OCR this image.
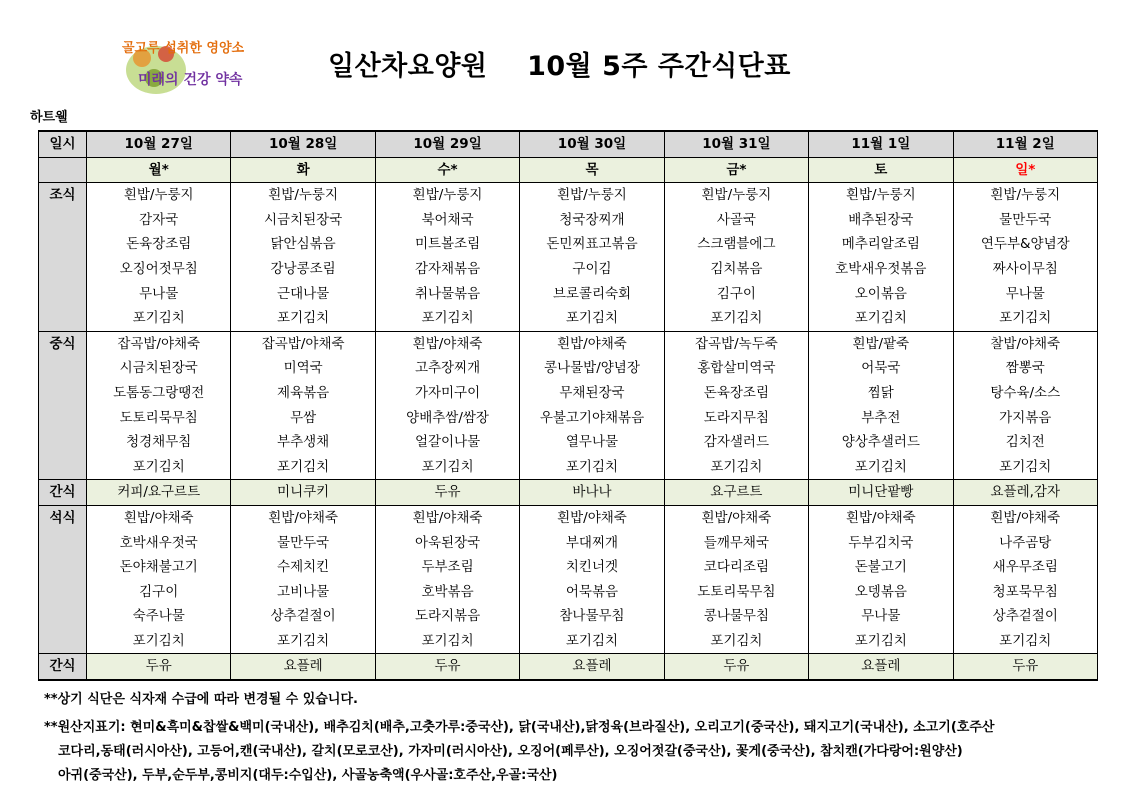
골고루 섭취한 영양소
미래의 건강 약속	일산차요양원    10월 5주 주간식단표
하트웰
일시	10월 27일	10월 28일	10월 29일	10월 30일	10월 31일	11월 1일	11월 2일
	월*	화	수*	목	금*	토	일*
조식	흰밥/누룽지	흰밥/누룽지	흰밥/누룽지	흰밥/누룽지	흰밥/누룽지	흰밥/누룽지	흰밥/누룽지
	감자국	시금치된장국	북어채국	청국장찌개	사골국	배추된장국	물만두국
	돈육장조림	닭안심볶음	미트볼조림	돈민찌표고볶음	스크램블에그	메추리알조림	연두부&양념장
	오징어젓무침	강낭콩조림	감자채볶음	구이김	김치볶음	호박새우젓볶음	짜사이무침
	무나물	근대나물	취나물볶음	브로콜리숙회	김구이	오이볶음	무나물
	포기김치	포기김치	포기김치	포기김치	포기김치	포기김치	포기김치
중식	잡곡밥/야채죽	잡곡밥/야채죽	흰밥/야채죽	흰밥/야채죽	잡곡밥/녹두죽	흰밥/팥죽	찰밥/야채죽
	시금치된장국	미역국	고추장찌개	콩나물밥/양념장	홍합살미역국	어묵국	짬뽕국
	도톰동그랑땡전	제육볶음	가자미구이	무채된장국	돈육장조림	찜닭	탕수육/소스
	도토리묵무침	무쌈	양배추쌈/쌈장	우불고기야채볶음	도라지무침	부추전	가지볶음
	청경채무침	부추생채	얼갈이나물	열무나물	감자샐러드	양상추샐러드	김치전
	포기김치	포기김치	포기김치	포기김치	포기김치	포기김치	포기김치
간식	커피/요구르트	미니쿠키	두유	바나나	요구르트	미니단팥빵	요플레,감자
석식	흰밥/야채죽	흰밥/야채죽	흰밥/야채죽	흰밥/야채죽	흰밥/야채죽	흰밥/야채죽	흰밥/야채죽
	호박새우젓국	물만두국	아욱된장국	부대찌개	들깨무채국	두부김치국	나주곰탕
	돈야채불고기	수제치킨	두부조림	치킨너겟	코다리조림	돈불고기	새우무조림
	김구이	고비나물	호박볶음	어묵볶음	도토리묵무침	오뎅볶음	청포묵무침
	숙주나물	상추겉절이	도라지볶음	참나물무침	콩나물무침	무나물	상추겉절이
	포기김치	포기김치	포기김치	포기김치	포기김치	포기김치	포기김치
간식	두유	요플레	두유	요플레	두유	요플레	두유
**상기 식단은 식자재 수급에 따라 변경될 수 있습니다.
**원산지표기: 현미&흑미&찹쌀&백미(국내산), 배추김치(배추,고춧가루:중국산), 닭(국내산),닭정육(브라질산), 오리고기(중국산), 돼지고기(국내산), 소고기(호주산
코다리,동태(러시아산), 고등어,캔(국내산), 갈치(모로코산), 가자미(러시아산), 오징어(페루산), 오징어젓갈(중국산), 꽃게(중국산), 참치캔(가다랑어:원양산)
아귀(중국산), 두부,순두부,콩비지(대두:수입산), 사골농축액(우사골:호주산,우골:국산)
